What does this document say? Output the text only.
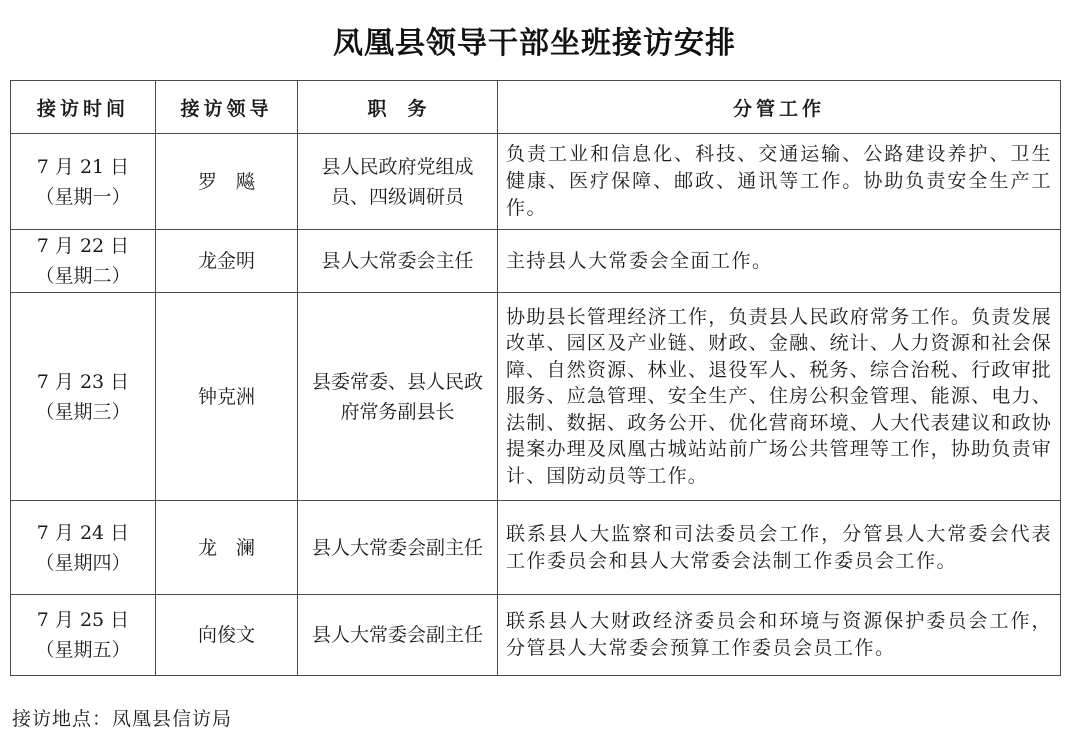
凤凰县领导干部坐班接访安排
接访时间	接访领导	职　务	分管工作

7 月 21 日
（星期一）	罗　飚	县人民政府党组成员、四级调研员	负责工业和信息化、科技、交通运输、公路建设养护、卫生健康、医疗保障、邮政、通讯等工作。协助负责安全生产工作。

7 月 22 日
（星期二）	龙金明	县人大常委会主任	主持县人大常委会全面工作。

7 月 23 日
（星期三）	钟克洲	县委常委、县人民政府常务副县长	协助县长管理经济工作，负责县人民政府常务工作。负责发展改革、园区及产业链、财政、金融、统计、人力资源和社会保障、自然资源、林业、退役军人、税务、综合治税、行政审批服务、应急管理、安全生产、住房公积金管理、能源、电力、法制、数据、政务公开、优化营商环境、人大代表建议和政协提案办理及凤凰古城站站前广场公共管理等工作，协助负责审计、国防动员等工作。

7 月 24 日
（星期四）	龙　澜	县人大常委会副主任	联系县人大监察和司法委员会工作，分管县人大常委会代表工作委员会和县人大常委会法制工作委员会工作。

7 月 25 日
（星期五）	向俊文	县人大常委会副主任	联系县人大财政经济委员会和环境与资源保护委员会工作，分管县人大常委会预算工作委员会员工作。
接访地点：凤凰县信访局
